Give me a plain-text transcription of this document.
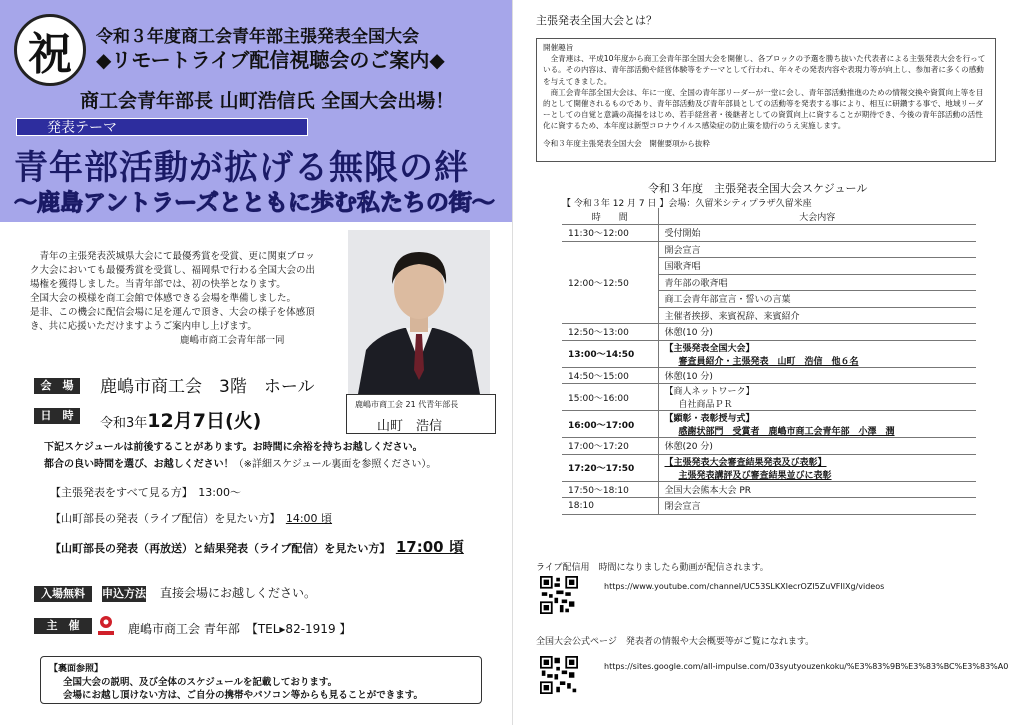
祝	令和３年度商工会青年部主張発表全国大会
◆リモートライブ配信視聴会のご案内◆
商工会青年部長 山町浩信氏 全国大会出場！
発表テーマ
青年部活動が拡げる無限の絆
〜鹿島アントラーズとともに歩む私たちの街〜
青年の主張発表茨城県大会にて最優秀賞を受賞、更に関東ブロッ
ク大会においても最優秀賞を受賞し、福岡県で行わる全国大会の出
場権を獲得しました。当青年部では、初の快挙となります。
全国大会の模様を商工会館で体感できる会場を準備しました。
是非、この機会に配信会場に足を運んで頂き、大会の様子を体感頂
き、共に応援いただけますようご案内申し上げます。
鹿嶋市商工会青年部一同
鹿嶋市商工会 21 代青年部長
山町　浩信
会　場	鹿嶋市商工会　3階　ホール
日　時
令和3年12月7日(火)
下記スケジュールは前後することがあります。お時間に余裕を持ちお越しください。
都合の良い時間を選び、お越しください！（※詳細スケジュール裏面を参照ください）。
【主張発表をすべて見る方】　13:00〜
【山町部長の発表（ライブ配信）を見たい方】　 14:00 頃
【山町部長の発表（再放送）と結果発表（ライブ配信）を見たい方】　 17:00 頃
入場無料	申込方法 直接会場にお越しください。
主　催	鹿嶋市商工会 青年部　【TEL▸82-1919 】
【裏面参照】
全国大会の説明、及び全体のスケジュールを記載しております。
会場にお越し頂けない方は、ご自分の携帯やパソコン等からも見ることができます。
主張発表全国大会とは？

開催趣旨

全青連は、平成10年度から商工会青年部全国大会を開催し、各ブロックの予選を勝ち抜いた代表者による主張発表大会を行っている。その内容は、青年部活動や経営体験等をテーマとして行われ、年々その発表内容や表現力等が向上し、参加者に多くの感動を与えてきました。

商工会青年部全国大会は、年に一度、全国の青年部リーダーが一堂に会し、青年部活動推進のための情報交換や資質向上等を目的として開催されるものであり、青年部活動及び青年部員としての活動等を発表する事により、相互に研鑽する事で、地域リーダーとしての自覚と意識の高揚をはじめ、若手経営者・後継者としての資質向上に資することが期待でき、今後の青年部活動の活性化に資するため、本年度は新型コロナウイルス感染症の防止策を励行のうえ実施します。

令和３年度主張発表全国大会　開催要項から抜粋

令和３年度　主張発表全国大会スケジュール
【 令和３年 12 月 7 日 】会場：久留米シティプラザ久留米座
時　　間	大会内容
11:30〜12:00	受付開始
12:00〜12:50	開会宣言
	国歌斉唱
	青年部の歌斉唱
	商工会青年部宣言・誓いの言葉
	主催者挨拶、来賓祝辞、来賓紹介
12:50〜13:00	休憩(10 分)
13:00〜14:50	【主張発表全国大会】
審査員紹介・主張発表　山町　浩信　他６名

14:50〜15:00	休憩(10 分)
15:00〜16:00	【商人ネットワーク】
自社商品ＰＲ

16:00〜17:00	【顕彰・表彰授与式】
感謝状部門　受賞者　鹿嶋市商工会青年部　小澤　潤

17:00〜17:20	休憩(20 分)
17:20〜17:50	【主張発表大会審査結果発表及び表彰】
主張発表講評及び審査結果並びに表彰

17:50〜18:10	全国大会熊本大会 PR
18:10	閉会宣言
ライブ配信用　時間になりましたら動画が配信されます。
https://www.youtube.com/channel/UC53SLKXIecrOZI5ZuVFIlXg/videos
全国大会公式ページ　発表者の情報や大会概要等がご覧になれます。
https://sites.google.com/all-impulse.com/03syutyouzenkoku/%E3%83%9B%E3%83%BC%E3%83%A0
